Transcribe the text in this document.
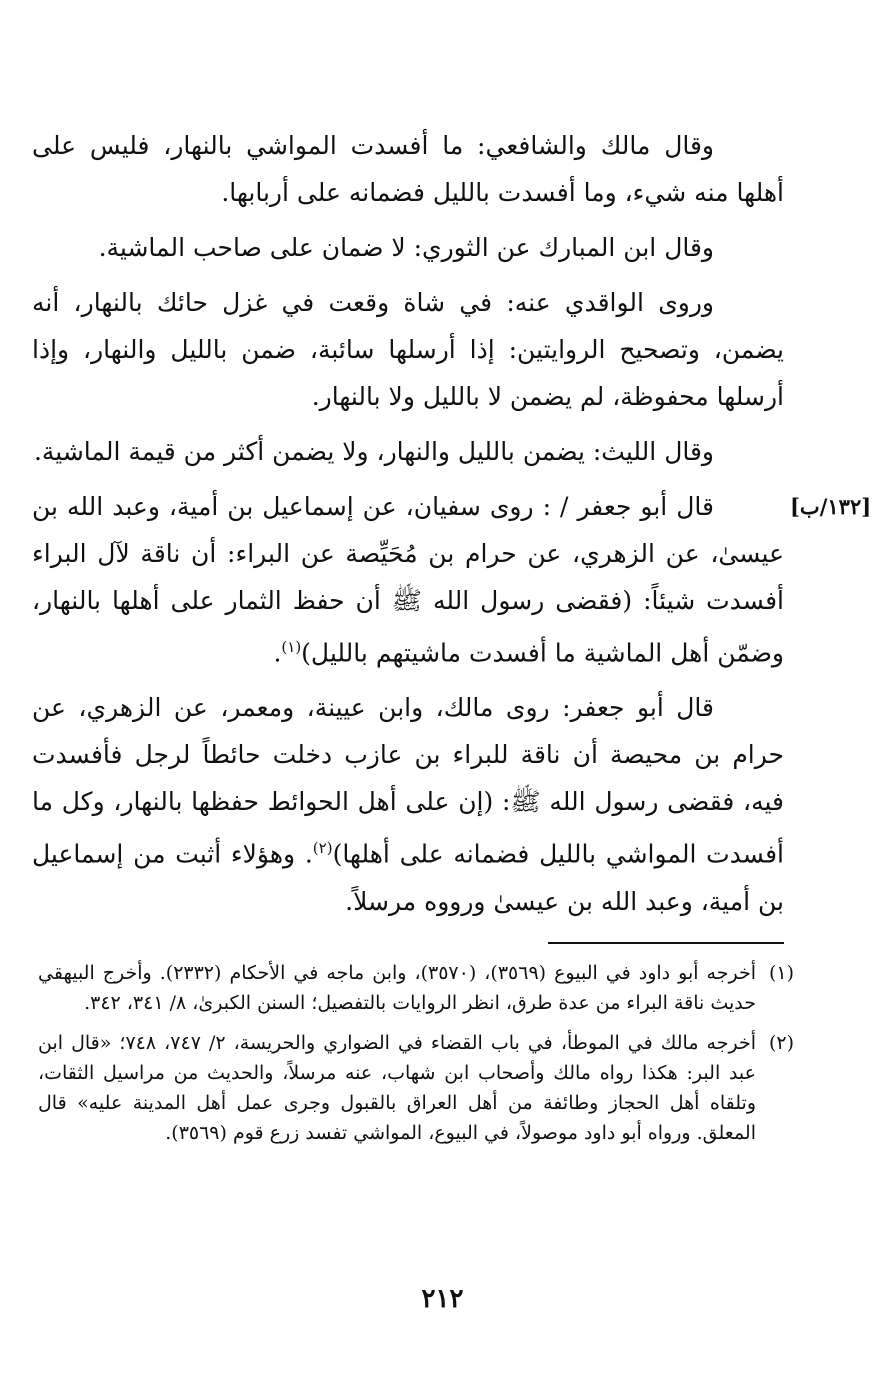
وقال مالك والشافعي: ما أفسدت المواشي بالنهار، فليس على أهلها منه شيء، وما أفسدت بالليل فضمانه على أربابها.

وقال ابن المبارك عن الثوري: لا ضمان على صاحب الماشية.

وروى الواقدي عنه: في شاة وقعت في غزل حائك بالنهار، أنه يضمن، وتصحيح الروايتين: إذا أرسلها سائبة، ضمن بالليل والنهار، وإذا أرسلها محفوظة، لم يضمن لا بالليل ولا بالنهار.

وقال الليث: يضمن بالليل والنهار، ولا يضمن أكثر من قيمة الماشية.

[١٣٢/ب]

قال أبو جعفر / : روى سفيان، عن إسماعيل بن أمية، وعبد الله بن عيسىٰ، عن الزهري، عن حرام بن مُحَيِّصة عن البراء: أن ناقة لآل البراء أفسدت شيئاً: (فقضى رسول الله ﷺ أن حفظ الثمار على أهلها بالنهار، وضمّن أهل الماشية ما أفسدت ماشيتهم بالليل)$^{(١)}$.

قال أبو جعفر: روى مالك، وابن عيينة، ومعمر، عن الزهري، عن حرام بن محيصة أن ناقة للبراء بن عازب دخلت حائطاً لرجل فأفسدت فيه، فقضى رسول الله ﷺ: (إن على أهل الحوائط حفظها بالنهار، وكل ما أفسدت المواشي بالليل فضمانه على أهلها)$^{(٢)}$. وهؤلاء أثبت من إسماعيل بن أمية، وعبد الله بن عيسىٰ ورووه مرسلاً.

(١)
أخرجه أبو داود في البيوع (٣٥٦٩)، (٣٥٧٠)، وابن ماجه في الأحكام (٢٣٣٢). وأخرج البيهقي حديث ناقة البراء من عدة طرق، انظر الروايات بالتفصيل؛ السنن الكبرىٰ، ٨/ ٣٤١، ٣٤٢.
(٢)
أخرجه مالك في الموطأ، في باب القضاء في الضواري والحريسة، ٢/ ٧٤٧، ٧٤٨؛ «قال ابن عبد البر: هكذا رواه مالك وأصحاب ابن شهاب، عنه مرسلاً، والحديث من مراسيل الثقات، وتلقاه أهل الحجاز وطائفة من أهل العراق بالقبول وجرى عمل أهل المدينة عليه» قال المعلق. ورواه أبو داود موصولاً، في البيوع، المواشي تفسد زرع قوم (٣٥٦٩).
٢١٢
